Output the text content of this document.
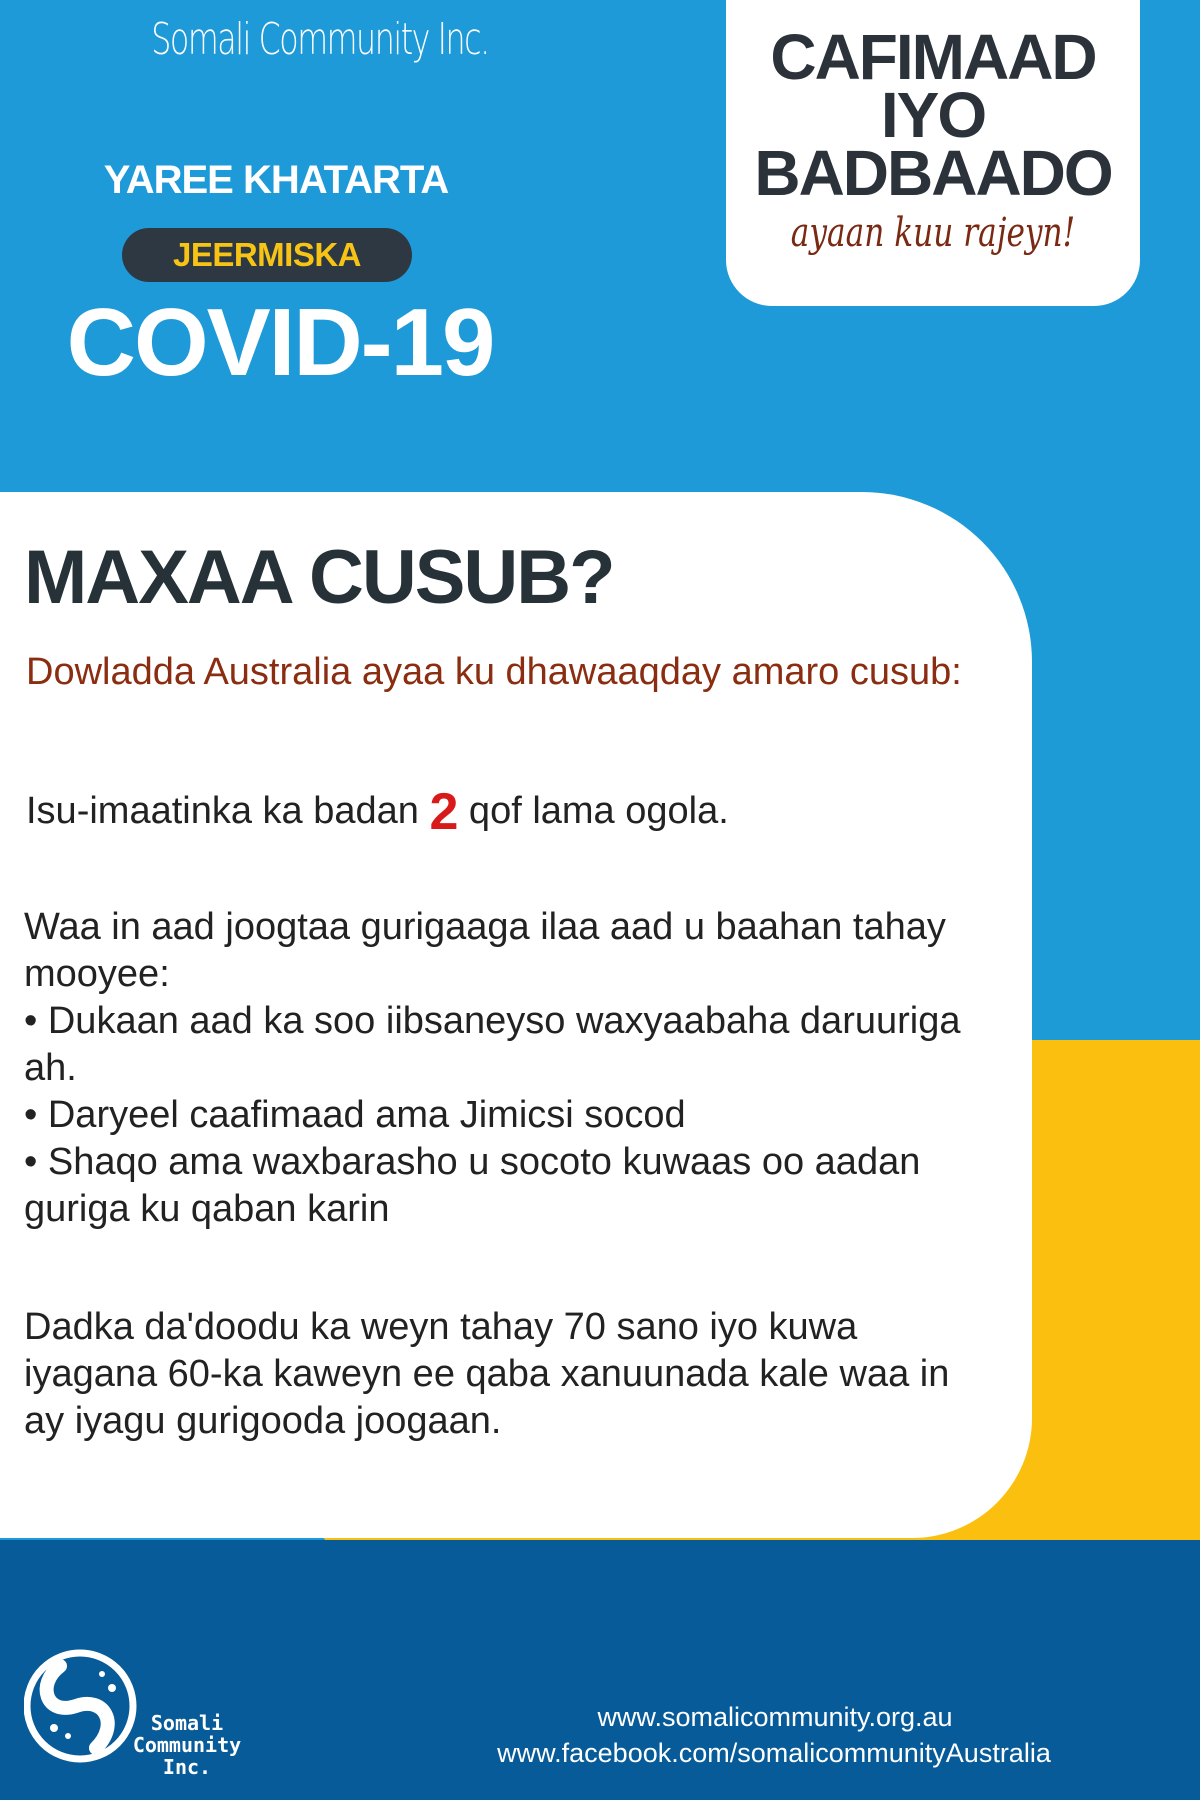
Somali Community Inc.
YAREE KHATARTA
JEERMISKA
COVID-19
CAFIMAAD
IYO
BADBAADO
ayaan kuu rajeyn!
MAXAA CUSUB?
Dowladda Australia ayaa ku dhawaaqday amaro cusub:
Isu-imaatinka ka badan 2 qof lama ogola.

Waa in aad joogtaa gurigaaga ilaa aad u baahan tahay mooyee:

• Dukaan aad ka soo iibsaneyso waxyaabaha daruuriga ah.

• Daryeel caafimaad ama Jimicsi socod

• Shaqo ama waxbarasho u socoto kuwaas oo aadan guriga ku qaban karin

Dadka da'doodu ka weyn tahay 70 sano iyo kuwa iyagana 60-ka kaweyn ee qaba xanuunada kale waa in ay iyagu gurigooda joogaan.
Somali
Community
Inc.
www.somalicommunity.org.au
www.facebook.com/somalicommunityAustralia
